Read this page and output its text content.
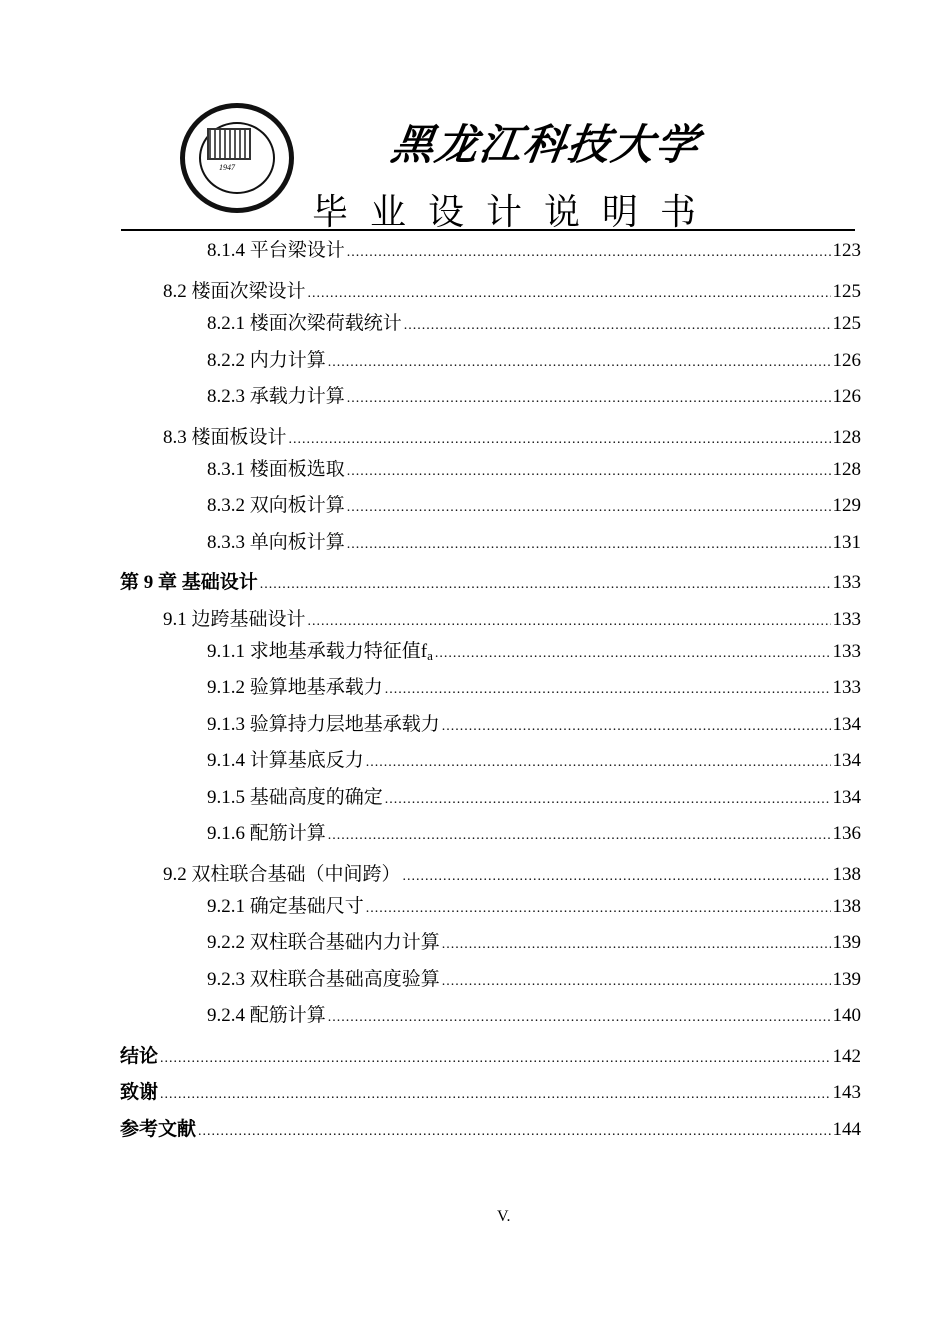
1947	黑龙江科技大学
毕业设计说明书
8.1.4 平台梁设计 .....	123
8.2 楼面次梁设计 .....	125
8.2.1 楼面次梁荷载统计 .....	125
8.2.2 内力计算 .....	126
8.2.3 承载力计算 .....	126
8.3 楼面板设计 .....	128
8.3.1 楼面板选取 .....	128
8.3.2 双向板计算 .....	129
8.3.3 单向板计算 .....	131
第 9 章 基础设计 .....	133
9.1 边跨基础设计 .....	133
9.1.1 求地基承载力特征值$f_a$ .....	133
9.1.2 验算地基承载力 .....	133
9.1.3 验算持力层地基承载力 .....	134
9.1.4 计算基底反力 .....	134
9.1.5 基础高度的确定 .....	134
9.1.6 配筋计算 .....	136
9.2 双柱联合基础（中间跨） .....	138
9.2.1 确定基础尺寸 .....	138
9.2.2 双柱联合基础内力计算 .....	139
9.2.3 双柱联合基础高度验算 .....	139
9.2.4 配筋计算 .....	140
结论 .....	142
致谢 .....	143
参考文献 .....	144
V.
